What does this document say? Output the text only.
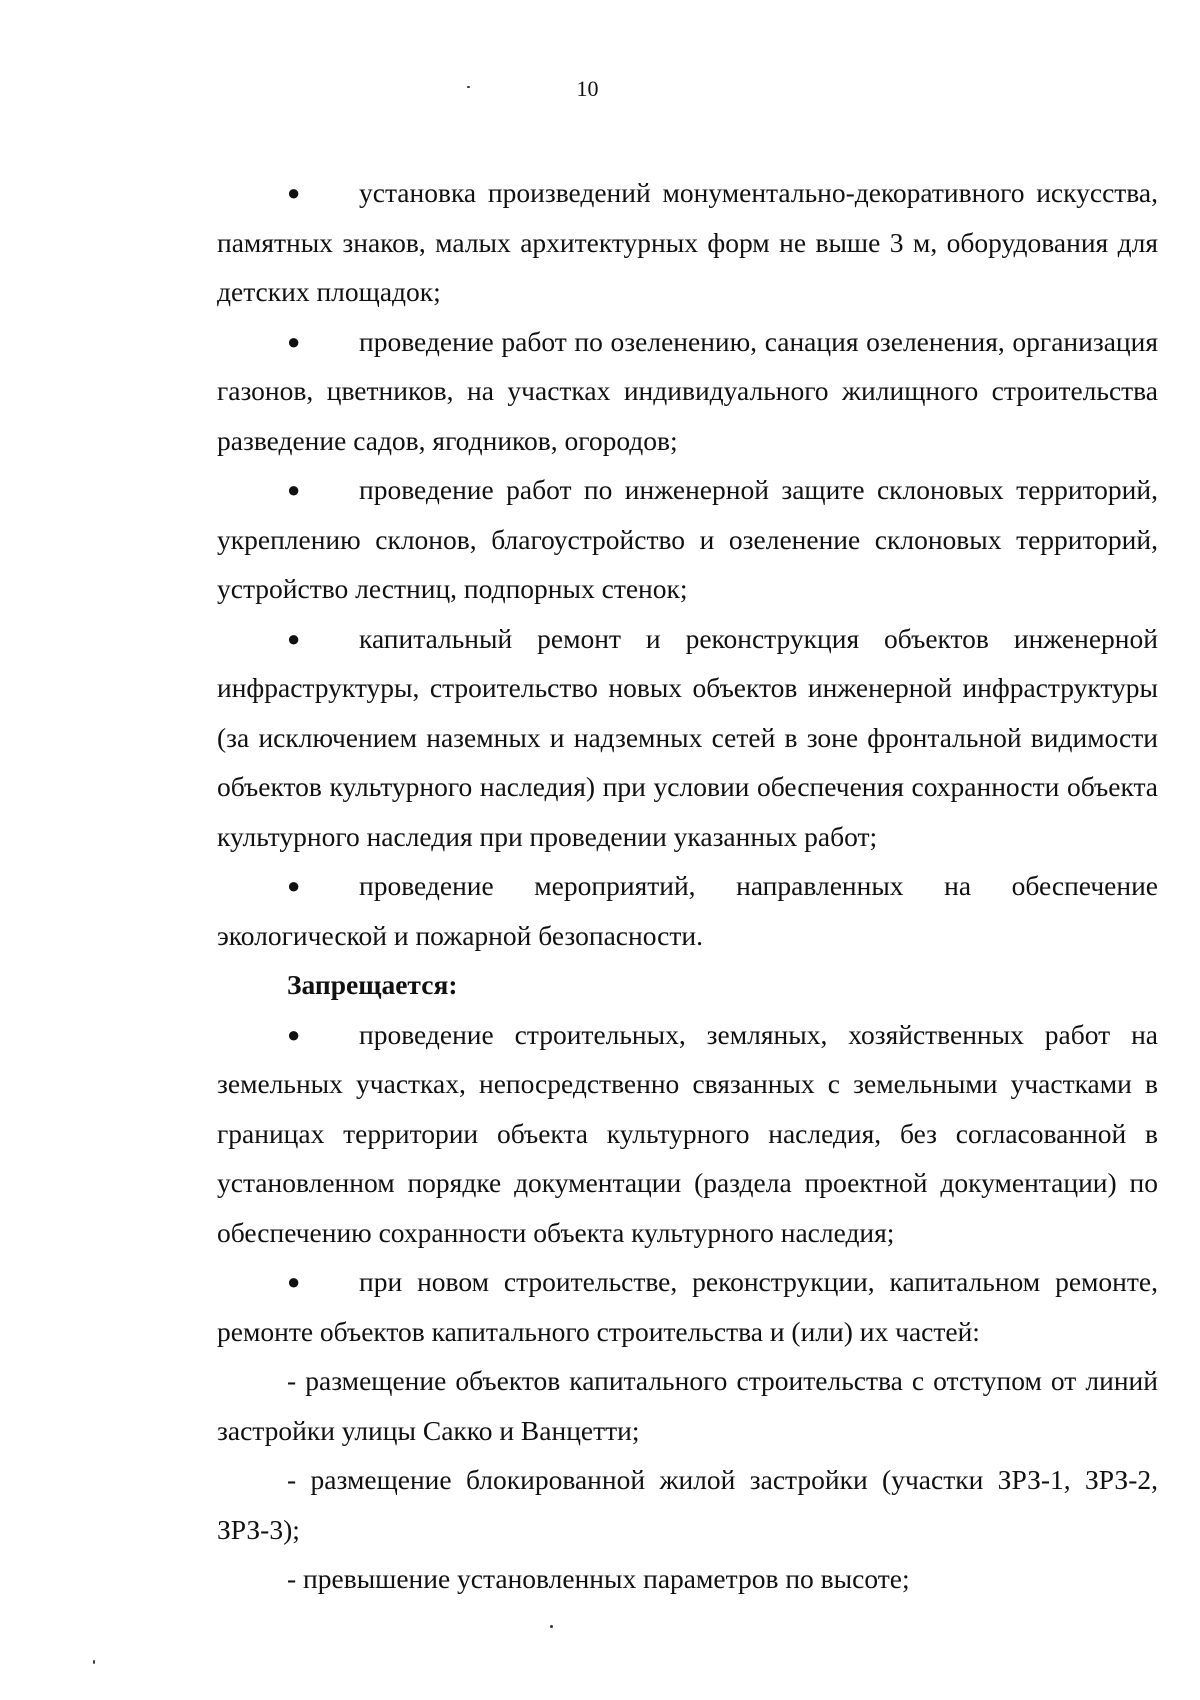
10
●	установка произведений монументально-декоративного искусства, памятных знаков, малых архитектурных форм не выше 3 м, оборудования для детских площадок;

●	проведение работ по озеленению, санация озеленения, организация газонов, цветников, на участках индивидуального жилищного строительства разведение садов, ягодников, огородов;

●	проведение работ по инженерной защите склоновых территорий, укреплению склонов, благоустройство и озеленение склоновых территорий, устройство лестниц, подпорных стенок;

●	капитальный ремонт и реконструкция объектов инженерной инфраструктуры, строительство новых объектов инженерной инфраструктуры (за исключением наземных и надземных сетей в зоне фронтальной видимости объектов культурного наследия) при условии обеспечения сохранности объекта культурного наследия при проведении указанных работ;

●	проведение мероприятий, направленных на обеспечение экологической и пожарной безопасности.

Запрещается:

●	проведение строительных, земляных, хозяйственных работ на земельных участках, непосредственно связанных с земельными участками в границах территории объекта культурного наследия, без согласованной в установленном порядке документации (раздела проектной документации) по обеспечению сохранности объекта культурного наследия;

●	при новом строительстве, реконструкции, капитальном ремонте, ремонте объектов капитального строительства и (или) их частей:

- размещение объектов капитального строительства с отступом от линий застройки улицы Сакко и Ванцетти;

- размещение блокированной жилой застройки (участки ЗРЗ-1, ЗРЗ-2, ЗРЗ-3);

- превышение установленных параметров по высоте;
